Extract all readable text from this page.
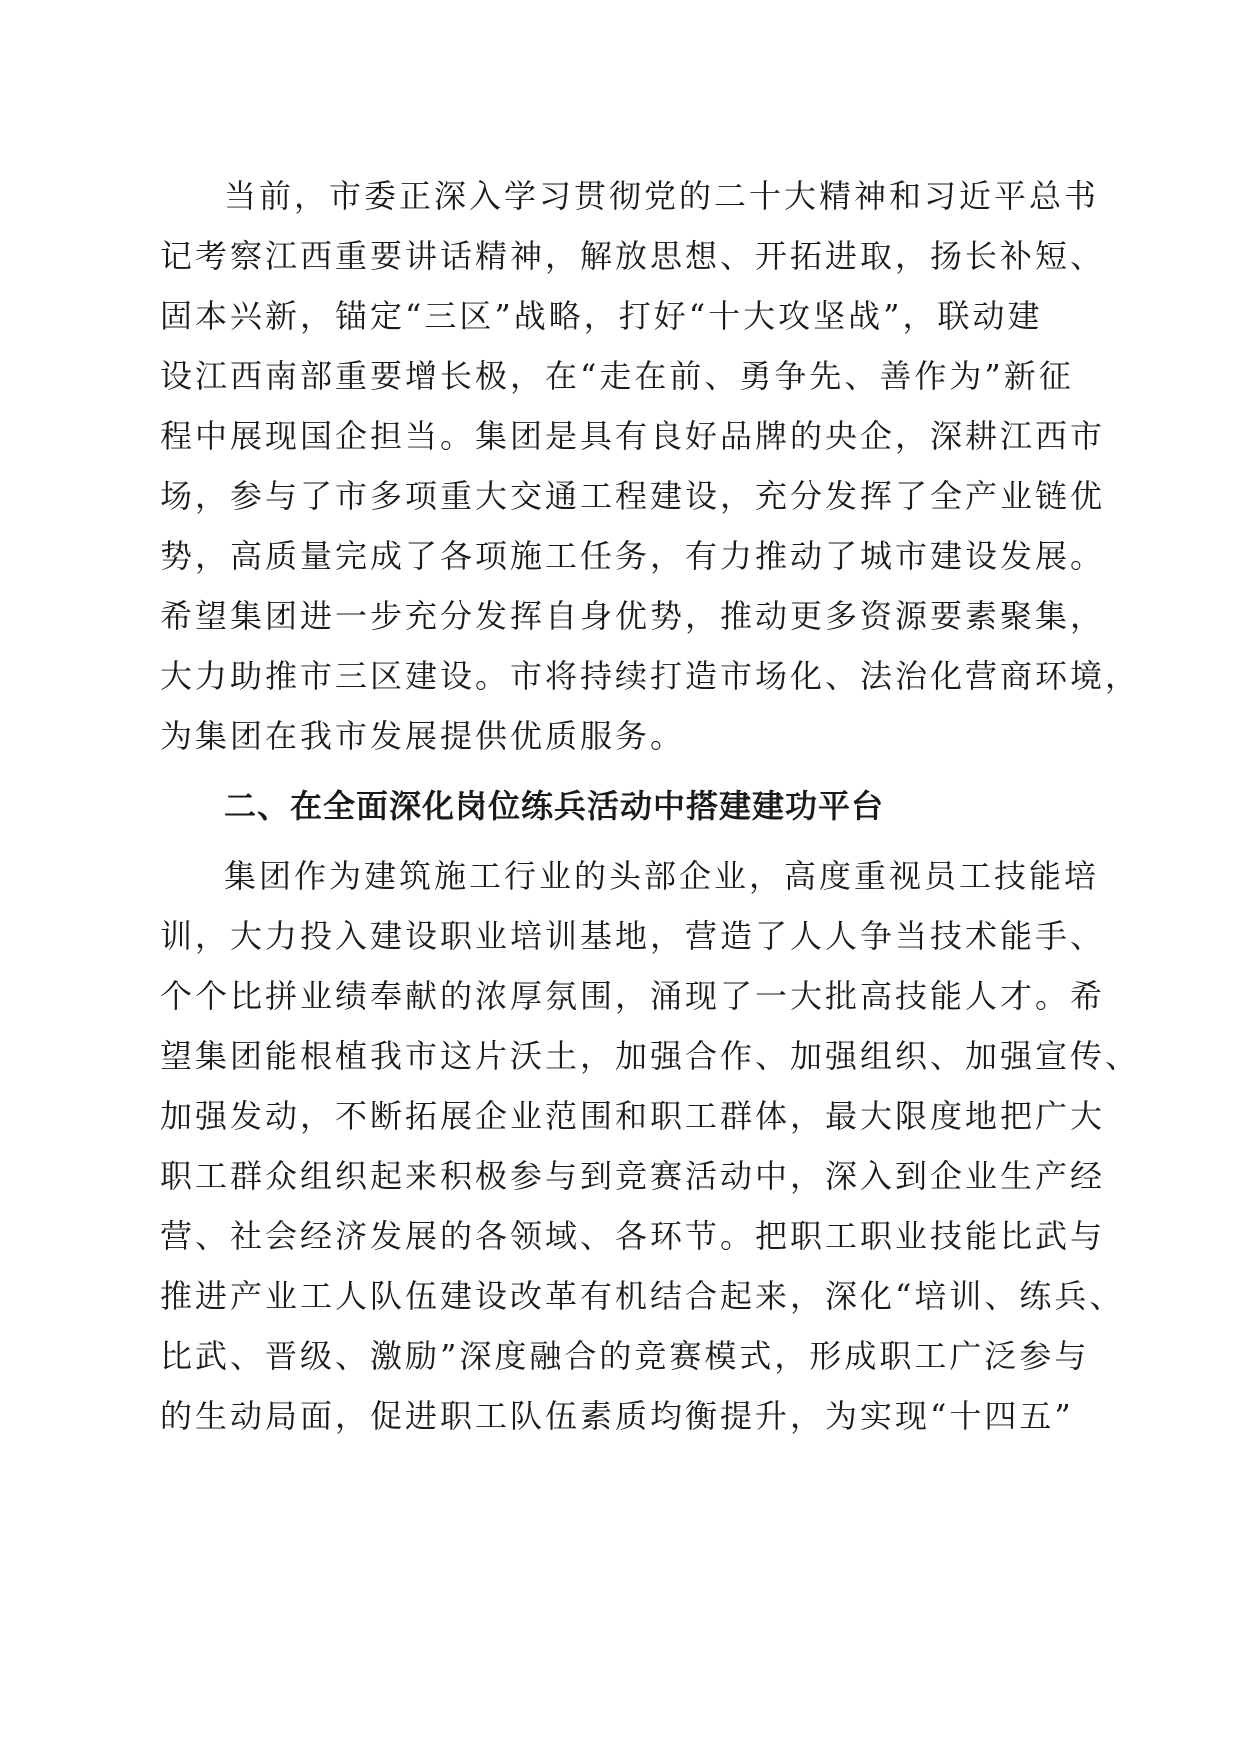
当前，市委正深入学习贯彻党的二十大精神和习近平总书
记考察江西重要讲话精神，解放思想、开拓进取，扬长补短、
固本兴新，锚定“三区”战略，打好“十大攻坚战”，联动建
设江西南部重要增长极，在“走在前、勇争先、善作为”新征
程中展现国企担当。集团是具有良好品牌的央企，深耕江西市
场，参与了市多项重大交通工程建设，充分发挥了全产业链优
势，高质量完成了各项施工任务，有力推动了城市建设发展。
希望集团进一步充分发挥自身优势，推动更多资源要素聚集，
大力助推市三区建设。市将持续打造市场化、法治化营商环境，
为集团在我市发展提供优质服务。
二、在全面深化岗位练兵活动中搭建建功平台
集团作为建筑施工行业的头部企业，高度重视员工技能培
训，大力投入建设职业培训基地，营造了人人争当技术能手、
个个比拼业绩奉献的浓厚氛围，涌现了一大批高技能人才。希
望集团能根植我市这片沃土，加强合作、加强组织、加强宣传、
加强发动，不断拓展企业范围和职工群体，最大限度地把广大
职工群众组织起来积极参与到竞赛活动中，深入到企业生产经
营、社会经济发展的各领域、各环节。把职工职业技能比武与
推进产业工人队伍建设改革有机结合起来，深化“培训、练兵、
比武、晋级、激励”深度融合的竞赛模式，形成职工广泛参与
的生动局面，促进职工队伍素质均衡提升，为实现“十四五”
